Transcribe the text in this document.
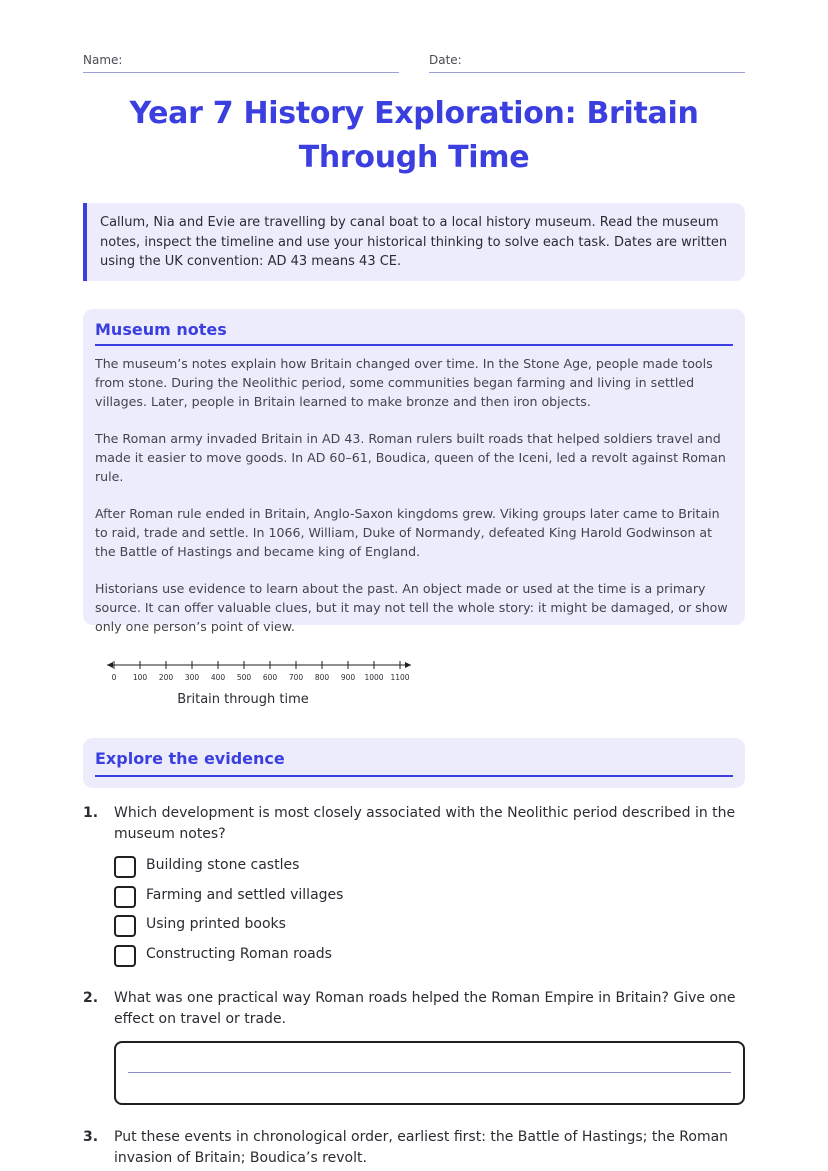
Name:	Date:
Year 7 History Exploration: Britain Through Time
Callum, Nia and Evie are travelling by canal boat to a local history museum. Read the museum notes, inspect the timeline and use your historical thinking to solve each task. Dates are written using the UK convention: AD 43 means 43 CE.
Museum notes

The museum’s notes explain how Britain changed over time. In the Stone Age, people made tools from stone. During the Neolithic period, some communities began farming and living in settled villages. Later, people in Britain learned to make bronze and then iron objects.

The Roman army invaded Britain in AD 43. Roman rulers built roads that helped soldiers travel and made it easier to move goods. In AD 60–61, Boudica, queen of the Iceni, led a revolt against Roman rule.

After Roman rule ended in Britain, Anglo-Saxon kingdoms grew. Viking groups later came to Britain to raid, trade and settle. In 1066, William, Duke of Normandy, defeated King Harold Godwinson at the Battle of Hastings and became king of England.

Historians use evidence to learn about the past. An object made or used at the time is a primary source. It can offer valuable clues, but it may not tell the whole story: it might be damaged, or show only one person’s point of view.

0 100 200 300 400 500 600 700 800 900 1000 1100
Britain through time
Explore the evidence
1. Which development is most closely associated with the Neolithic period described in the museum notes?
Building stone castles
Farming and settled villages
Using printed books
Constructing Roman roads
2. What was one practical way Roman roads helped the Roman Empire in Britain? Give one effect on travel or trade.
3. Put these events in chronological order, earliest first: the Battle of Hastings; the Roman invasion of Britain; Boudica’s revolt.
